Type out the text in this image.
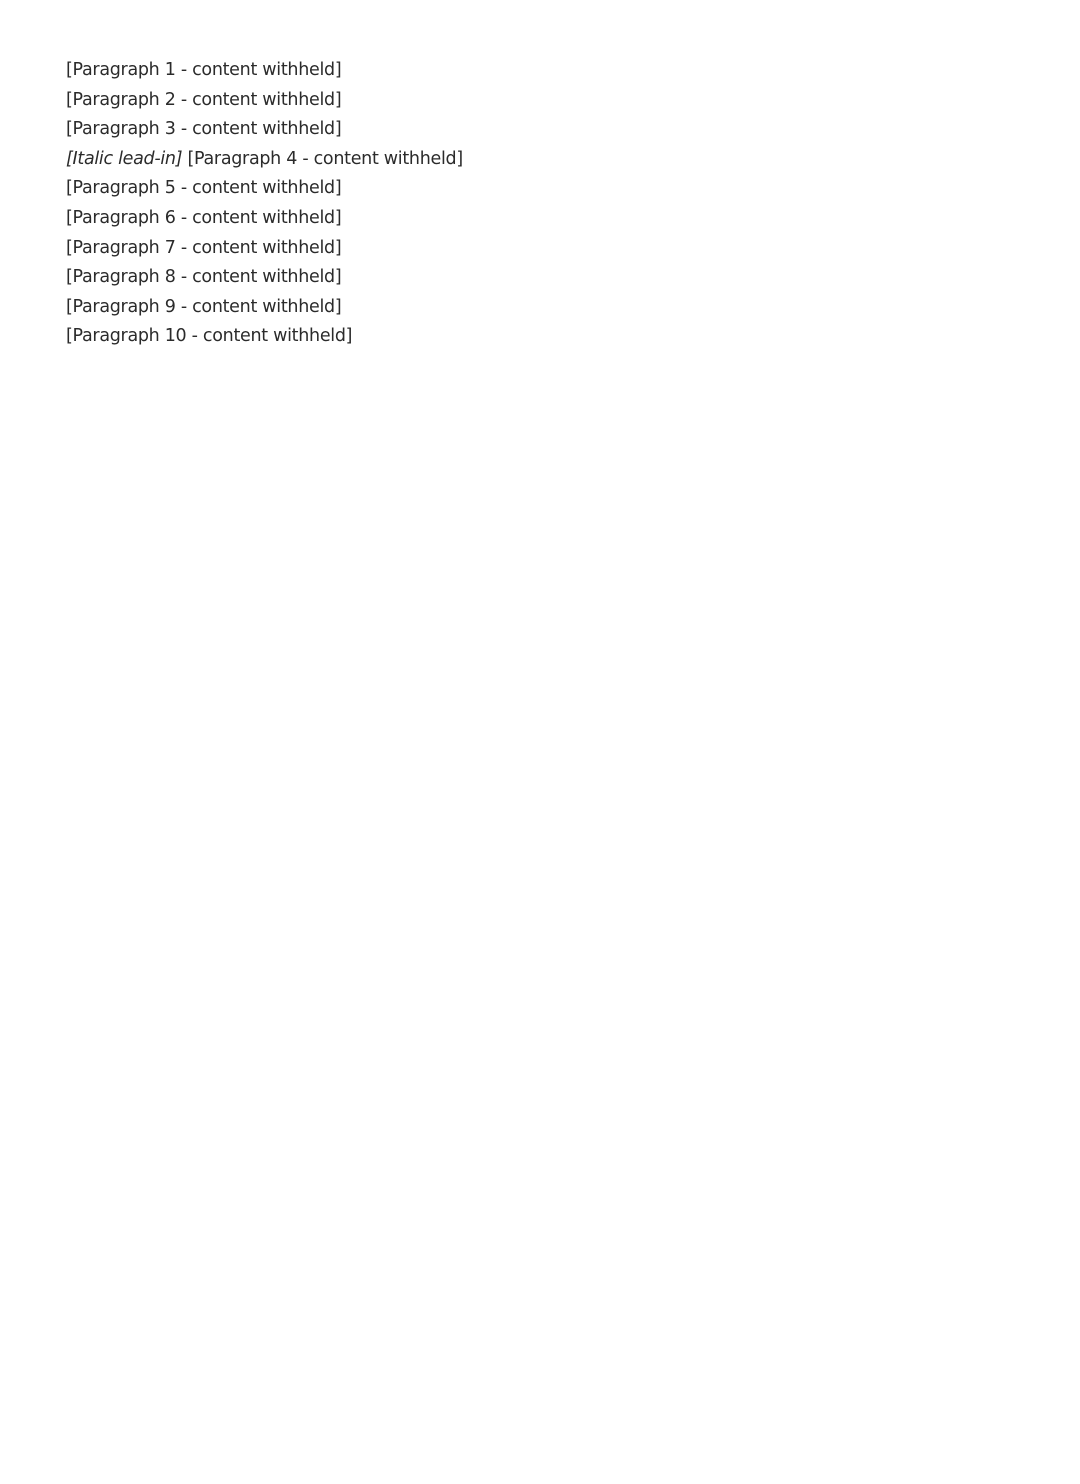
[Paragraph 1 - content withheld]

[Paragraph 2 - content withheld]

[Paragraph 3 - content withheld]

[Italic lead-in] [Paragraph 4 - content withheld]

[Paragraph 5 - content withheld]

[Paragraph 6 - content withheld]

[Paragraph 7 - content withheld]

[Paragraph 8 - content withheld]

[Paragraph 9 - content withheld]

[Paragraph 10 - content withheld]
